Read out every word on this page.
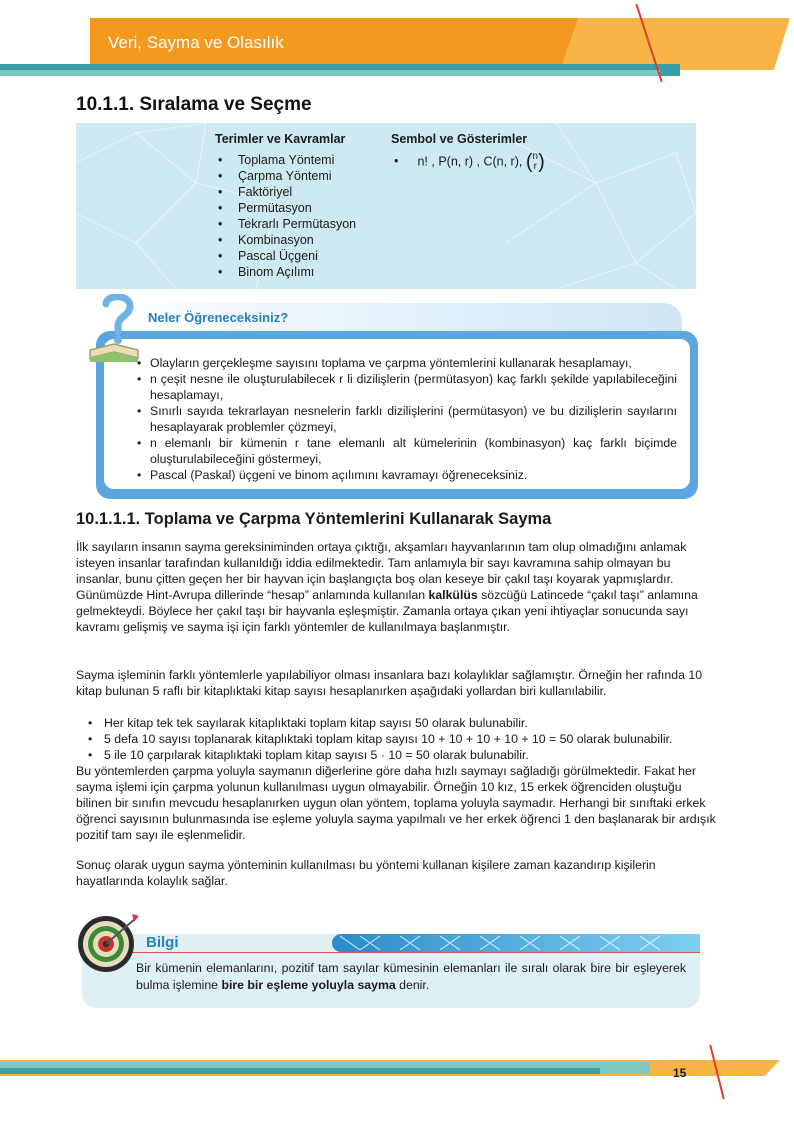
Veri, Sayma ve Olasılık
10.1.1. Sıralama ve Seçme
Terimler ve Kavramlar
• Toplama Yöntemi
• Çarpma Yöntemi
• Faktöriyel
• Permütasyon
• Tekrarlı Permütasyon
• Kombinasyon
• Pascal Üçgeni
• Binom Açılımı
Sembol ve Gösterimler
• n! , P(n, r) , C(n, r), (n
r)
Neler Öğreneceksiniz?
• Olayların gerçekleşme sayısını toplama ve çarpma yöntemlerini kullanarak hesaplamayı,
• n çeşit nesne ile oluşturulabilecek r li dizilişlerin (permütasyon) kaç farklı şekilde yapılabileceğini hesaplamayı,
• Sınırlı sayıda tekrarlayan nesnelerin farklı dizilişlerini (permütasyon) ve bu dizilişlerin sayılarını hesaplayarak problemler çözmeyi,
• n elemanlı bir kümenin r tane elemanlı alt kümelerinin (kombinasyon) kaç farklı biçimde oluşturulabileceğini göstermeyi,
• Pascal (Paskal) üçgeni ve binom açılımını kavramayı öğreneceksiniz.
10.1.1.1. Toplama ve Çarpma Yöntemlerini Kullanarak Sayma

İlk sayıların insanın sayma gereksiniminden ortaya çıktığı, akşamları hayvanlarının tam olup olmadığını anlamak isteyen insanlar tarafından kullanıldığı iddia edilmektedir. Tam anlamıyla bir sayı kavramına sahip olmayan bu insanlar, bunu çitten geçen her bir hayvan için başlangıçta boş olan keseye bir çakıl taşı koyarak yapmışlardır. Günümüzde Hint-Avrupa dillerinde “hesap” anlamında kullanılan kalkülüs sözcüğü Latincede “çakıl taşı” anlamına gelmekteydi. Böylece her çakıl taşı bir hayvanla eşleşmiştir. Zamanla ortaya çıkan yeni ihtiyaçlar sonucunda sayı kavramı gelişmiş ve sayma işi için farklı yöntemler de kullanılmaya başlanmıştır.

Sayma işleminin farklı yöntemlerle yapılabiliyor olması insanlara bazı kolaylıklar sağlamıştır. Örneğin her rafında 10 kitap bulunan 5 raflı bir kitaplıktaki kitap sayısı hesaplanırken aşağıdaki yollardan biri kullanılabilir.

• Her kitap tek tek sayılarak kitaplıktaki toplam kitap sayısı 50 olarak bulunabilir.
• 5 defa 10 sayısı toplanarak kitaplıktaki toplam kitap sayısı 10 + 10 + 10 + 10 + 10 = 50 olarak bulunabilir.
• 5 ile 10 çarpılarak kitaplıktaki toplam kitap sayısı 5 · 10 = 50 olarak bulunabilir.

Bu yöntemlerden çarpma yoluyla saymanın diğerlerine göre daha hızlı saymayı sağladığı görülmektedir. Fakat her sayma işlemi için çarpma yolunun kullanılması uygun olmayabilir. Örneğin 10 kız, 15 erkek öğrenciden oluştuğu bilinen bir sınıfın mevcudu hesaplanırken uygun olan yöntem, toplama yoluyla saymadır. Herhangi bir sınıftaki erkek öğrenci sayısının bulunmasında ise eşleme yoluyla sayma yapılmalı ve her erkek öğrenci 1 den başlanarak bir ardışık pozitif tam sayı ile eşlenmelidir.

Sonuç olarak uygun sayma yönteminin kullanılması bu yöntemi kullanan kişilere zaman kazandırıp kişilerin hayatlarında kolaylık sağlar.

Bilgi

Bir kümenin elemanlarını, pozitif tam sayılar kümesinin elemanları ile sıralı olarak bire bir eşleyerek bulma işlemine bire bir eşleme yoluyla sayma denir.

15
